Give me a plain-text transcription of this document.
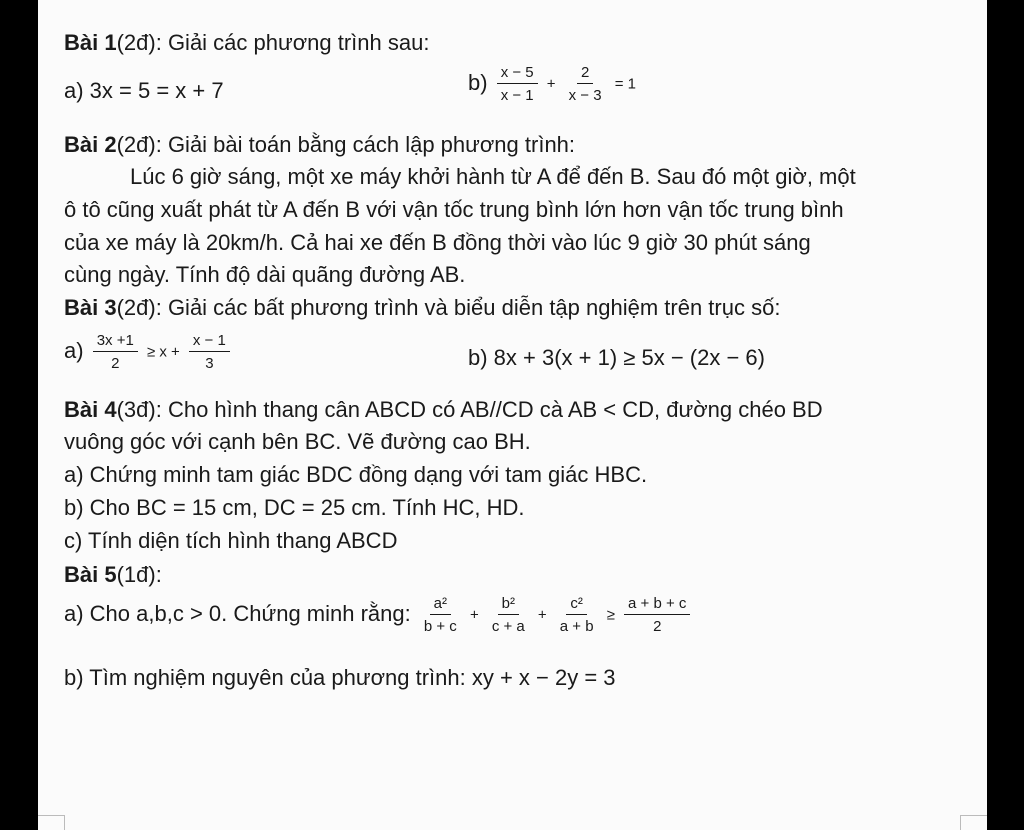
Bài 1(2đ): Giải các phương trình sau:
a) 3x = 5 = x + 7	$b) \frac{x - 5}{x - 1} + \frac{2}{x - 3} = 1$
Bài 2(2đ): Giải bài toán bằng cách lập phương trình:
Lúc 6 giờ sáng, một xe máy khởi hành từ A để đến B. Sau đó một giờ, một
ô tô cũng xuất phát từ A đến B với vận tốc trung bình lớn hơn vận tốc trung bình
của xe máy là 20km/h. Cả hai xe đến B đồng thời vào lúc 9 giờ 30 phút sáng
cùng ngày. Tính độ dài quãng đường AB.
Bài 3(2đ): Giải các bất phương trình và biểu diễn tập nghiệm trên trục số:
$a) \frac{3x +1}{2} \ge x + \frac{x - 1}{3}$	b) 8x + 3(x + 1) ≥ 5x − (2x − 6)
Bài 4(3đ): Cho hình thang cân ABCD có AB//CD cà AB < CD, đường chéo BD
vuông góc với cạnh bên BC. Vẽ đường cao BH.
a) Chứng minh tam giác BDC đồng dạng với tam giác HBC.
b) Cho BC = 15 cm, DC = 25 cm. Tính HC, HD.
c) Tính diện tích hình thang ABCD
Bài 5(1đ):
a) Cho a,b,c > 0. Chứng minh rằng: $\frac{\text{a²}}{b + c} + \frac{\text{b²}}{c + a} + \frac{\text{c²}}{a + b} \ge \frac{a + b + c}{2}$
b) Tìm nghiệm nguyên của phương trình: xy + x − 2y = 3
